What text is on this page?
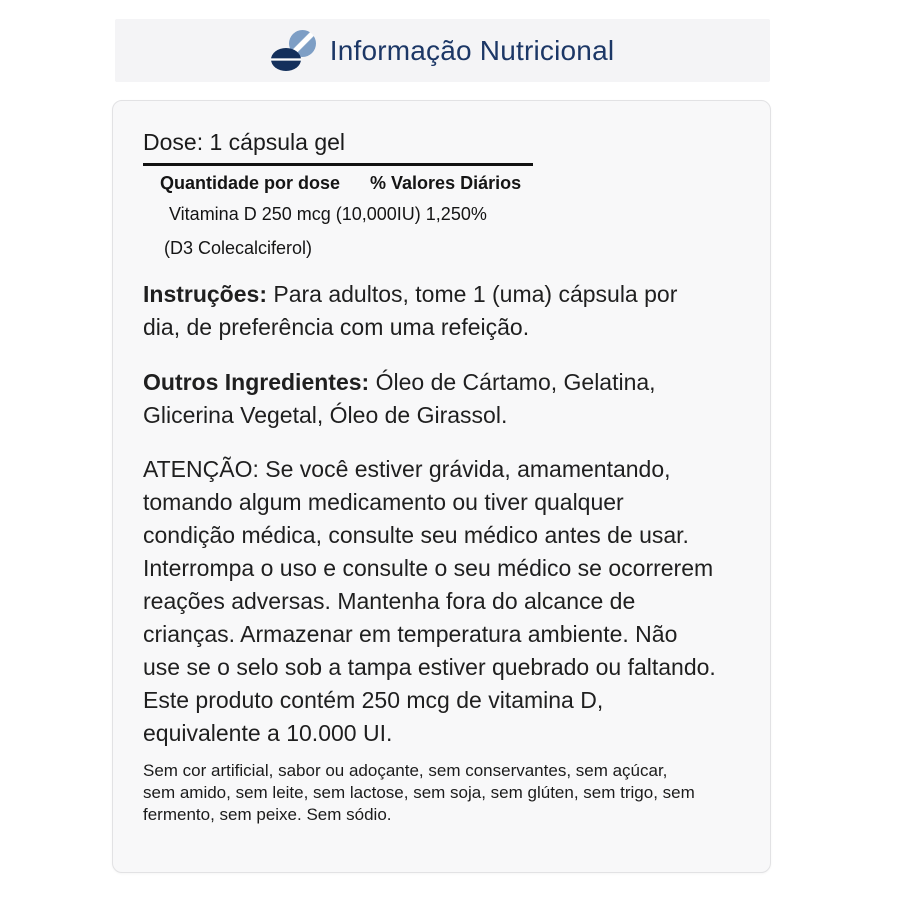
Informação Nutricional
Dose: 1 cápsula gel
Quantidade por dose % Valores Diários
Vitamina D 250 mcg (10,000IU) 1,250%
(D3 Colecalciferol)
Instruções: Para adultos, tome 1 (uma) cápsula por
dia, de preferência com uma refeição.
Outros Ingredientes: Óleo de Cártamo, Gelatina,
Glicerina Vegetal, Óleo de Girassol.
ATENÇÃO: Se você estiver grávida, amamentando,
tomando algum medicamento ou tiver qualquer
condição médica, consulte seu médico antes de usar.
Interrompa o uso e consulte o seu médico se ocorrerem
reações adversas. Mantenha fora do alcance de
crianças. Armazenar em temperatura ambiente. Não
use se o selo sob a tampa estiver quebrado ou faltando.
Este produto contém 250 mcg de vitamina D,
equivalente a 10.000 UI.
Sem cor artificial, sabor ou adoçante, sem conservantes, sem açúcar,
sem amido, sem leite, sem lactose, sem soja, sem glúten, sem trigo, sem
fermento, sem peixe. Sem sódio.
